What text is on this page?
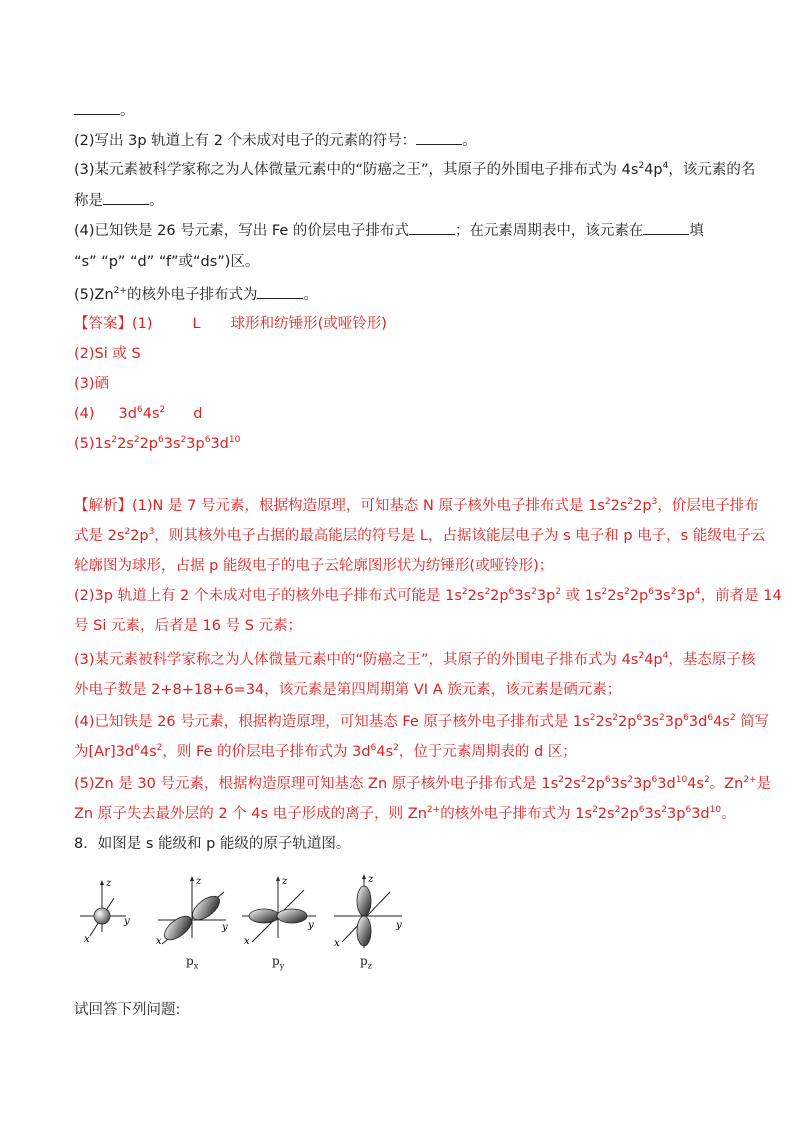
。
(2)写出 3p 轨道上有 2 个未成对电子的元素的符号：	。
(3)某元素被科学家称之为人体微量元素中的“防癌之王”，其原子的外围电子排布式为 $4s^24p^4$，该元素的名
称是	。
(4)已知铁是 26 号元素，写出 Fe 的价层电子排布式	；在元素周期表中，该元素在	填
“s” “p” “d” “f”或“ds”)区。
$(5)Zn^{2+}$的核外电子排布式为	。
【答案】(1)	L 球形和纺锤形(或哑铃形)
(2)Si 或 S
(3)硒
(4) $3d^64s^2$ d
$(5)1s^22s^22p^63s^23p^63d^{10}$
【解析】(1)N 是 7 号元素，根据构造原理，可知基态 N 原子核外电子排布式是 $1s^22s^22p^3$，价层电子排布
式是 $2s^22p^3$，则其核外电子占据的最高能层的符号是 L，占据该能层电子为 s 电子和 p 电子，s 能级电子云
轮廓图为球形，占据 p 能级电子的电子云轮廓图形状为纺锤形(或哑铃形)；
(2)3p 轨道上有 2 个未成对电子的核外电子排布式可能是 $1s^22s^22p^63s^23p^2$ 或 $1s^22s^22p^63s^23p^4$，前者是 14
号 Si 元素，后者是 16 号 S 元素；
(3)某元素被科学家称之为人体微量元素中的“防癌之王”，其原子的外围电子排布式为 $4s^24p^4$，基态原子核
外电子数是 2+8+18+6=34，该元素是第四周期第 VI A 族元素，该元素是硒元素；
(4)已知铁是 26 号元素，根据构造原理，可知基态 Fe 原子核外电子排布式是 $1s^22s^22p^63s^23p^63d^64s^2$ 简写
为$[Ar]3d^64s^2$，则 Fe 的价层电子排布式为 $3d^64s^2$，位于元素周期表的 d 区；
(5)Zn 是 30 号元素，根据构造原理可知基态 Zn 原子核外电子排布式是 $1s^22s^22p^63s^23p^63d^{10}4s^2$。$Zn^{2+}$是
Zn 原子失去最外层的 2 个 4s 电子形成的离子，则 $Zn^{2+}$的核外电子排布式为 $1s^22s^22p^63s^23p^63d^{10}$。
8．如图是 s 能级和 p 能级的原子轨道图。
z
y
x
z
y
x
z
y
x
z
y
x
$p_x$	$p_y$	$p_z$
试回答下列问题:
